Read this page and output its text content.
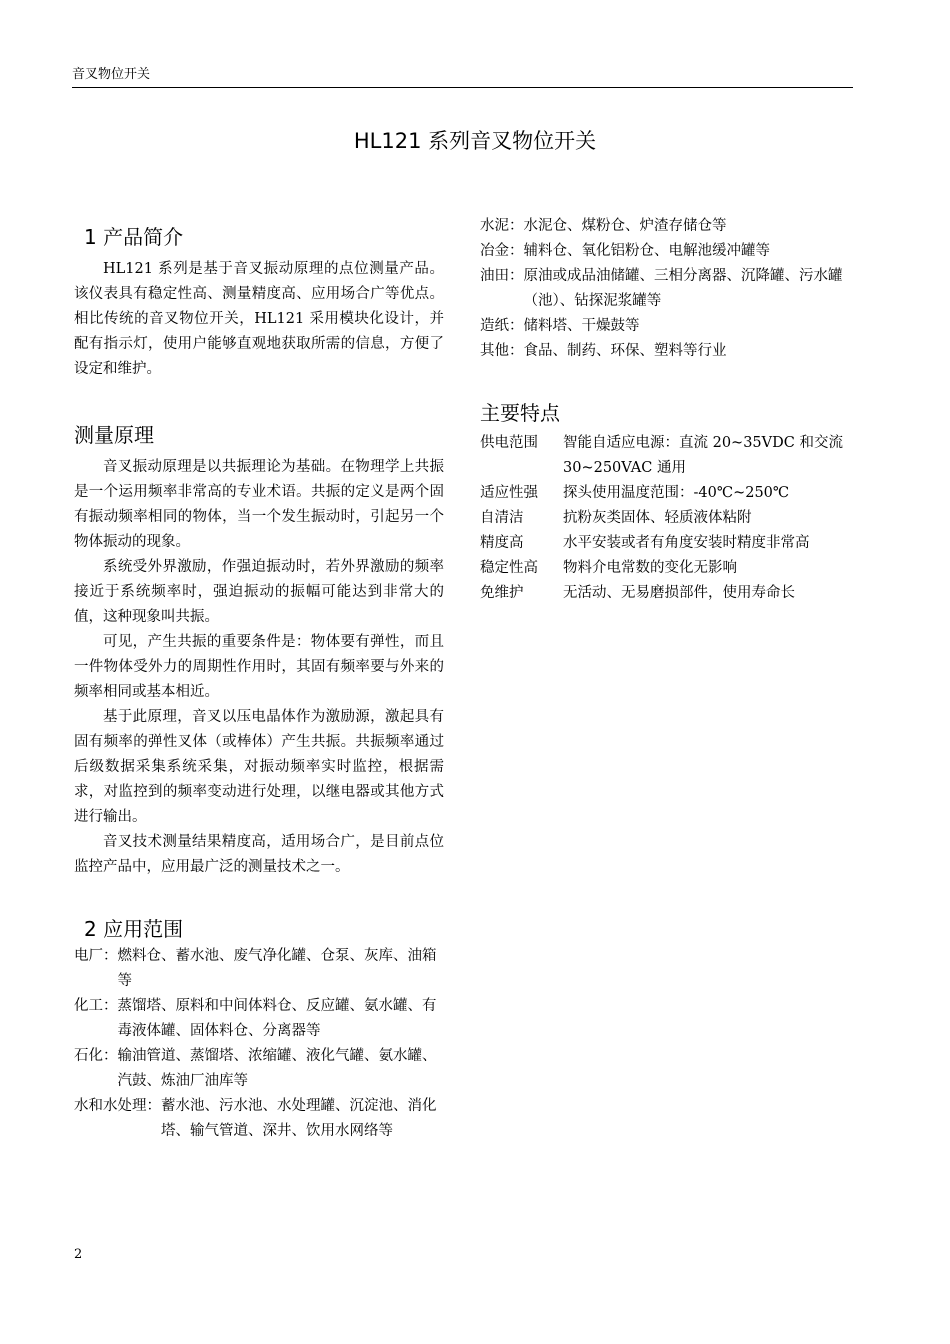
音叉物位开关
HL121 系列音叉物位开关
1 产品简介

HL121 系列是基于音叉振动原理的点位测量产品。该仪表具有稳定性高、测量精度高、应用场合广等优点。相比传统的音叉物位开关，HL121 采用模块化设计，并配有指示灯，使用户能够直观地获取所需的信息，方便了设定和维护。

测量原理

音叉振动原理是以共振理论为基础。在物理学上共振是一个运用频率非常高的专业术语。共振的定义是两个固有振动频率相同的物体，当一个发生振动时，引起另一个物体振动的现象。

系统受外界激励，作强迫振动时，若外界激励的频率接近于系统频率时，强迫振动的振幅可能达到非常大的值，这种现象叫共振。

可见，产生共振的重要条件是：物体要有弹性，而且一件物体受外力的周期性作用时，其固有频率要与外来的频率相同或基本相近。

基于此原理，音叉以压电晶体作为激励源，激起具有固有频率的弹性叉体（或棒体）产生共振。共振频率通过后级数据采集系统采集，对振动频率实时监控，根据需求，对监控到的频率变动进行处理，以继电器或其他方式进行输出。

音叉技术测量结果精度高，适用场合广，是目前点位监控产品中，应用最广泛的测量技术之一。

2 应用范围
电厂： 燃料仓、蓄水池、废气净化罐、仓泵、灰库、油箱等
化工： 蒸馏塔、原料和中间体料仓、反应罐、氨水罐、有毒液体罐、固体料仓、分离器等
石化： 输油管道、蒸馏塔、浓缩罐、液化气罐、氨水罐、汽鼓、炼油厂油库等
水和水处理： 蓄水池、污水池、水处理罐、沉淀池、消化塔、输气管道、深井、饮用水网络等
水泥： 水泥仓、煤粉仓、炉渣存储仓等
冶金： 辅料仓、氧化铝粉仓、电解池缓冲罐等
油田： 原油或成品油储罐、三相分离器、沉降罐、污水罐（池）、钻探泥浆罐等
造纸： 储料塔、干燥鼓等
其他： 食品、制药、环保、塑料等行业
主要特点
供电范围	智能自适应电源：直流 20~35VDC 和交流 30~250VAC 通用
适应性强	探头使用温度范围：-40℃~250℃
自清洁	抗粉灰类固体、轻质液体粘附
精度高	水平安装或者有角度安装时精度非常高
稳定性高	物料介电常数的变化无影响
免维护	无活动、无易磨损部件，使用寿命长
2
